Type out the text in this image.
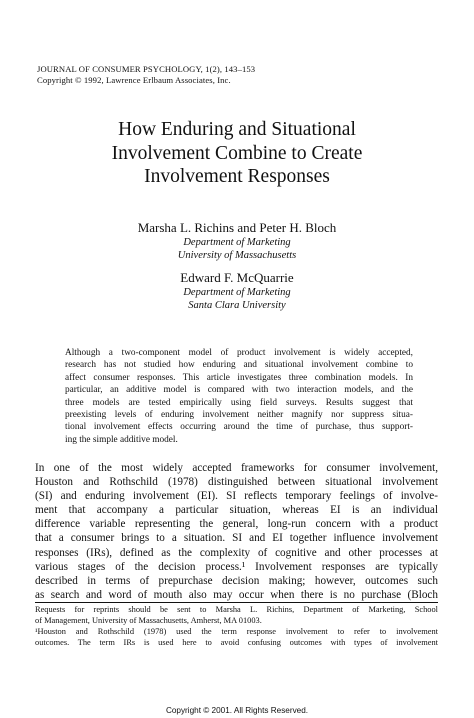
JOURNAL OF CONSUMER PSYCHOLOGY, 1(2), 143–153
Copyright © 1992, Lawrence Erlbaum Associates, Inc.
How Enduring and Situational
Involvement Combine to Create
Involvement Responses
Marsha L. Richins and Peter H. Bloch
Department of Marketing
University of Massachusetts
Edward F. McQuarrie
Department of Marketing
Santa Clara University
Although a two-component model of product involvement is widely accepted,
research has not studied how enduring and situational involvement combine to
affect consumer responses. This article investigates three combination models. In
particular, an additive model is compared with two interaction models, and the
three models are tested empirically using field surveys. Results suggest that
preexisting levels of enduring involvement neither magnify nor suppress situa-
tional involvement effects occurring around the time of purchase, thus support-
ing the simple additive model.
In one of the most widely accepted frameworks for consumer involvement,
Houston and Rothschild (1978) distinguished between situational involvement
(SI) and enduring involvement (EI). SI reflects temporary feelings of involve-
ment that accompany a particular situation, whereas EI is an individual
difference variable representing the general, long-run concern with a product
that a consumer brings to a situation. SI and EI together influence involvement
responses (IRs), defined as the complexity of cognitive and other processes at
various stages of the decision process.¹ Involvement responses are typically
described in terms of prepurchase decision making; however, outcomes such
as search and word of mouth also may occur when there is no purchase (Bloch
Requests for reprints should be sent to Marsha L. Richins, Department of Marketing, School
of Management, University of Massachusetts, Amherst, MA 01003.
¹Houston and Rothschild (1978) used the term response involvement to refer to involvement
outcomes. The term IRs is used here to avoid confusing outcomes with types of involvement
Copyright © 2001. All Rights Reserved.
